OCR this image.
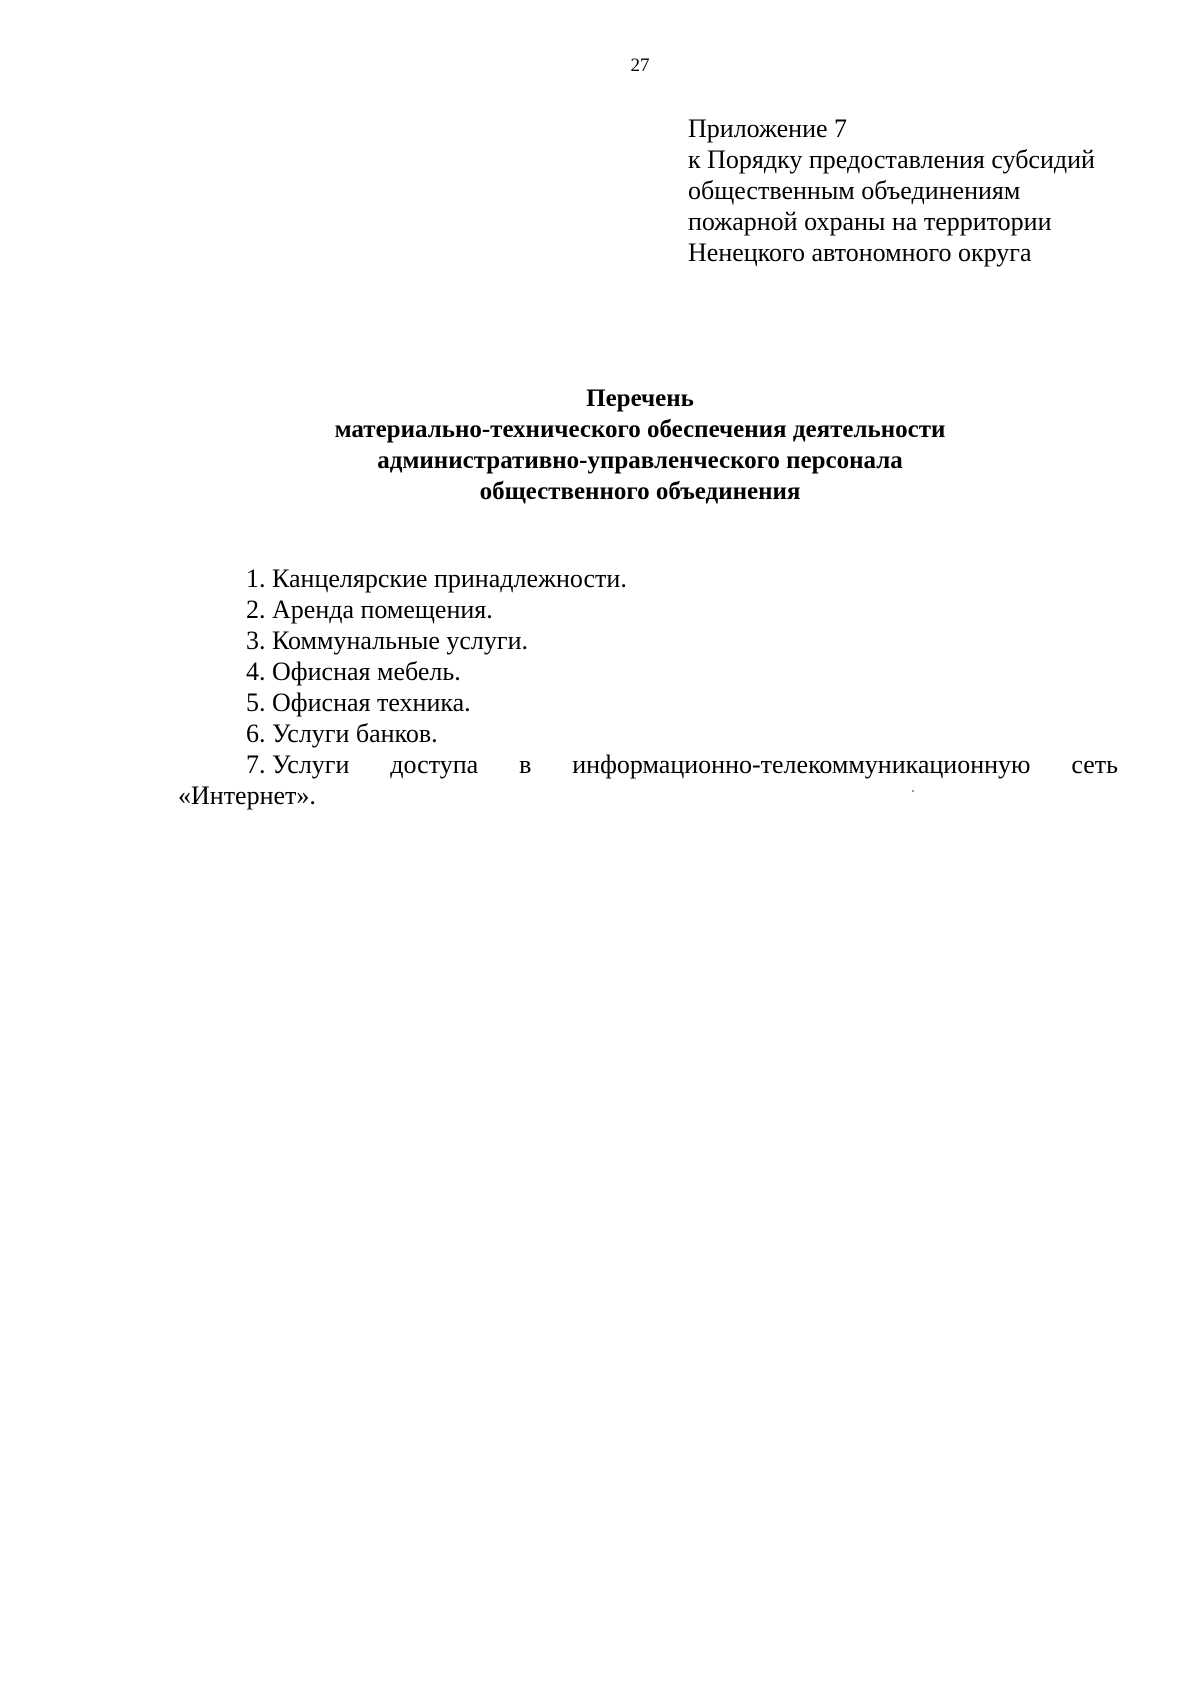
27
Приложение 7
к Порядку предоставления субсидий
общественным объединениям
пожарной охраны на территории
Ненецкого автономного округа
Перечень
материально-технического обеспечения деятельности
административно-управленческого персонала
общественного объединения
1. Канцелярские принадлежности.
2. Аренда помещения.
3. Коммунальные услуги.
4. Офисная мебель.
5. Офисная техника.
6. Услуги банков.
7. Услуги доступа в информационно-телекоммуникационную сеть
«Интернет».
